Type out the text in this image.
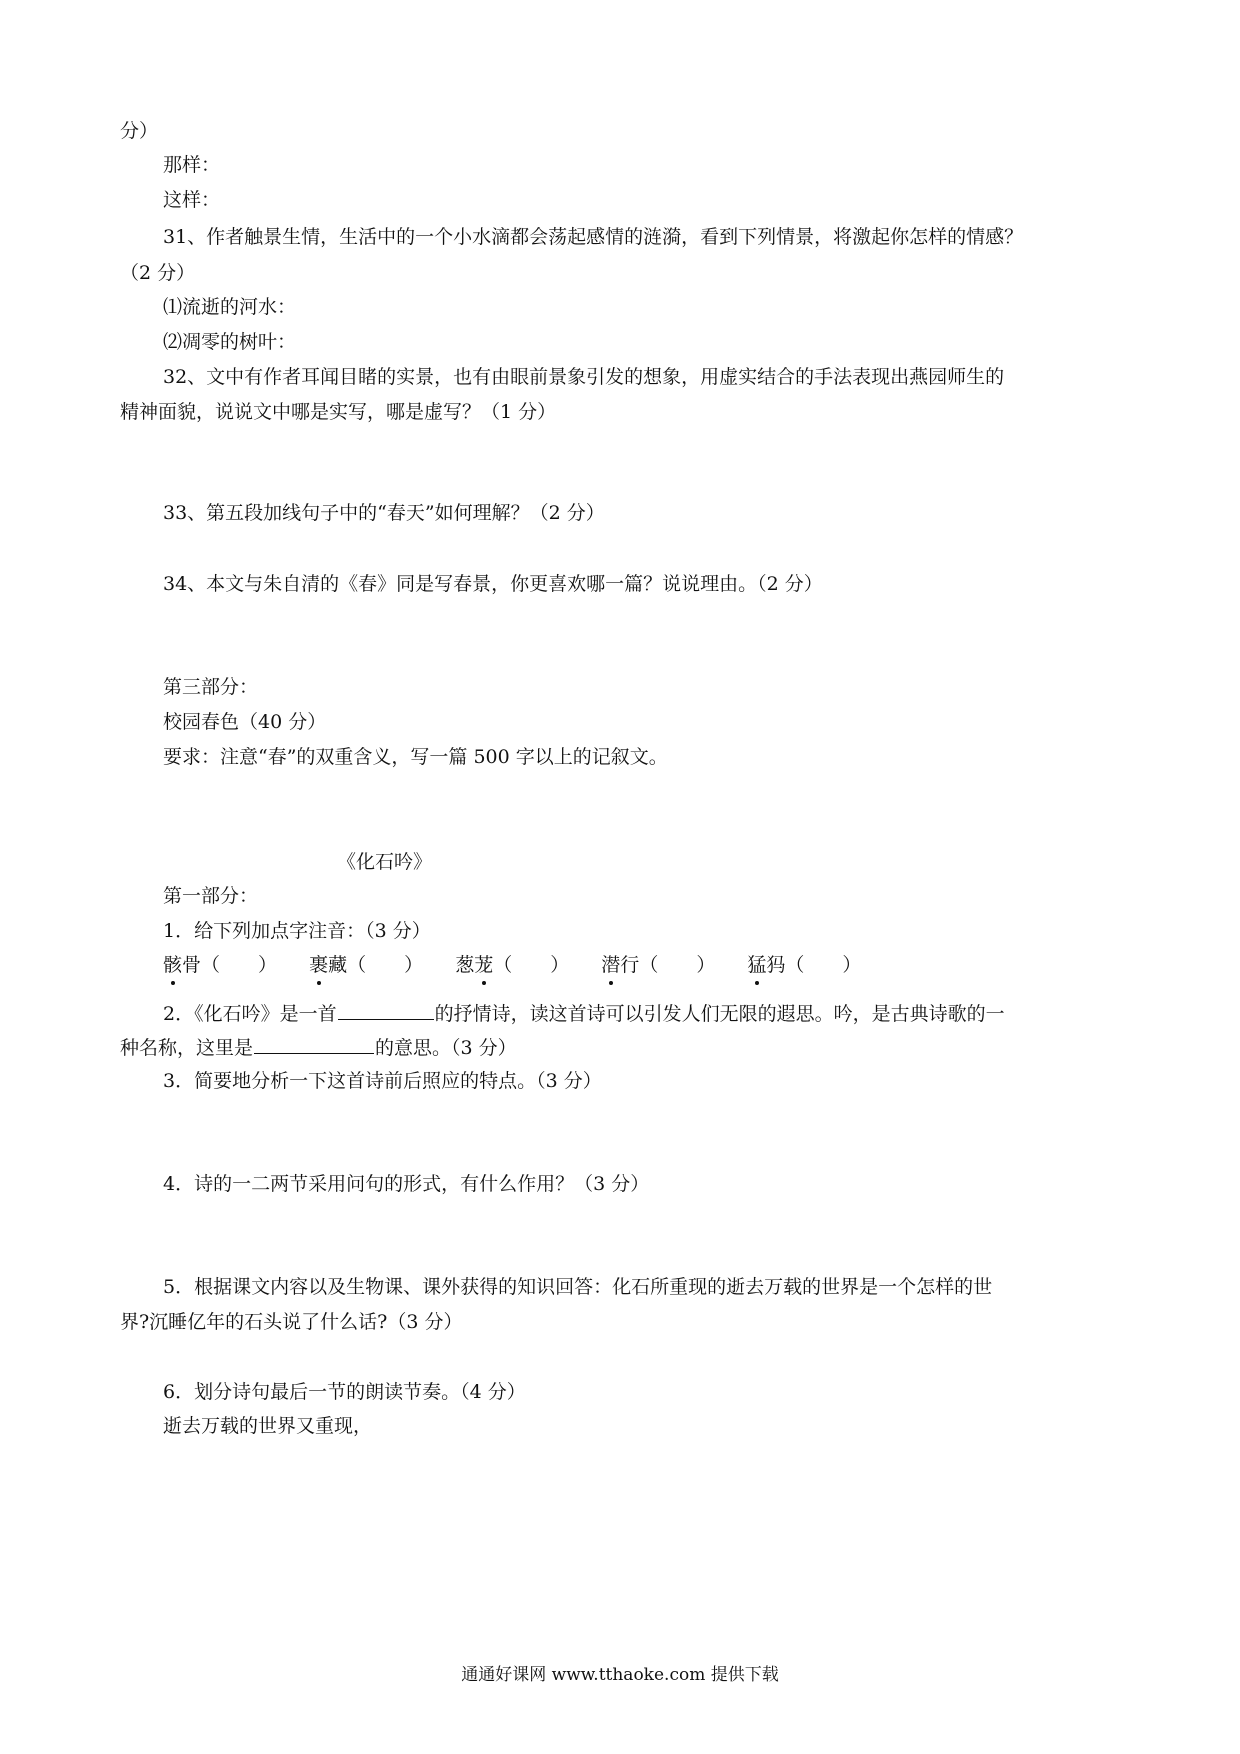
分）
那样：
这样：
31、作者触景生情，生活中的一个小水滴都会荡起感情的涟漪，看到下列情景，将激起你怎样的情感？
（2 分）
⑴流逝的河水：
⑵凋零的树叶：
32、文中有作者耳闻目睹的实景，也有由眼前景象引发的想象，用虚实结合的手法表现出燕园师生的
精神面貌，说说文中哪是实写，哪是虚写？（1 分）
33、第五段加线句子中的“春天”如何理解？（2 分）
34、本文与朱自清的《春》同是写春景，你更喜欢哪一篇？说说理由。（2 分）
第三部分：
校园春色（40 分）
要求：注意“春”的双重含义，写一篇 500 字以上的记叙文。
《化石吟》
第一部分：
1．给下列加点字注音：（3 分）
骸
骨（　　） 裹
藏（　　） 葱茏
（　　） 潜
行（　　） 猛
犸（　　）
2．《化石吟》是一首	的抒情诗，读这首诗可以引发人们无限的遐思。吟，是古典诗歌的一
种名称，这里是	的意思。（3 分）
3．简要地分析一下这首诗前后照应的特点。（3 分）
4．诗的一二两节采用问句的形式，有什么作用？（3 分）
5．根据课文内容以及生物课、课外获得的知识回答：化石所重现的逝去万载的世界是一个怎样的世
界?沉睡亿年的石头说了什么话?（3 分）
6．划分诗句最后一节的朗读节奏。（4 分）
逝去万载的世界又重现，
通通好课网 www.tthaoke.com 提供下载
